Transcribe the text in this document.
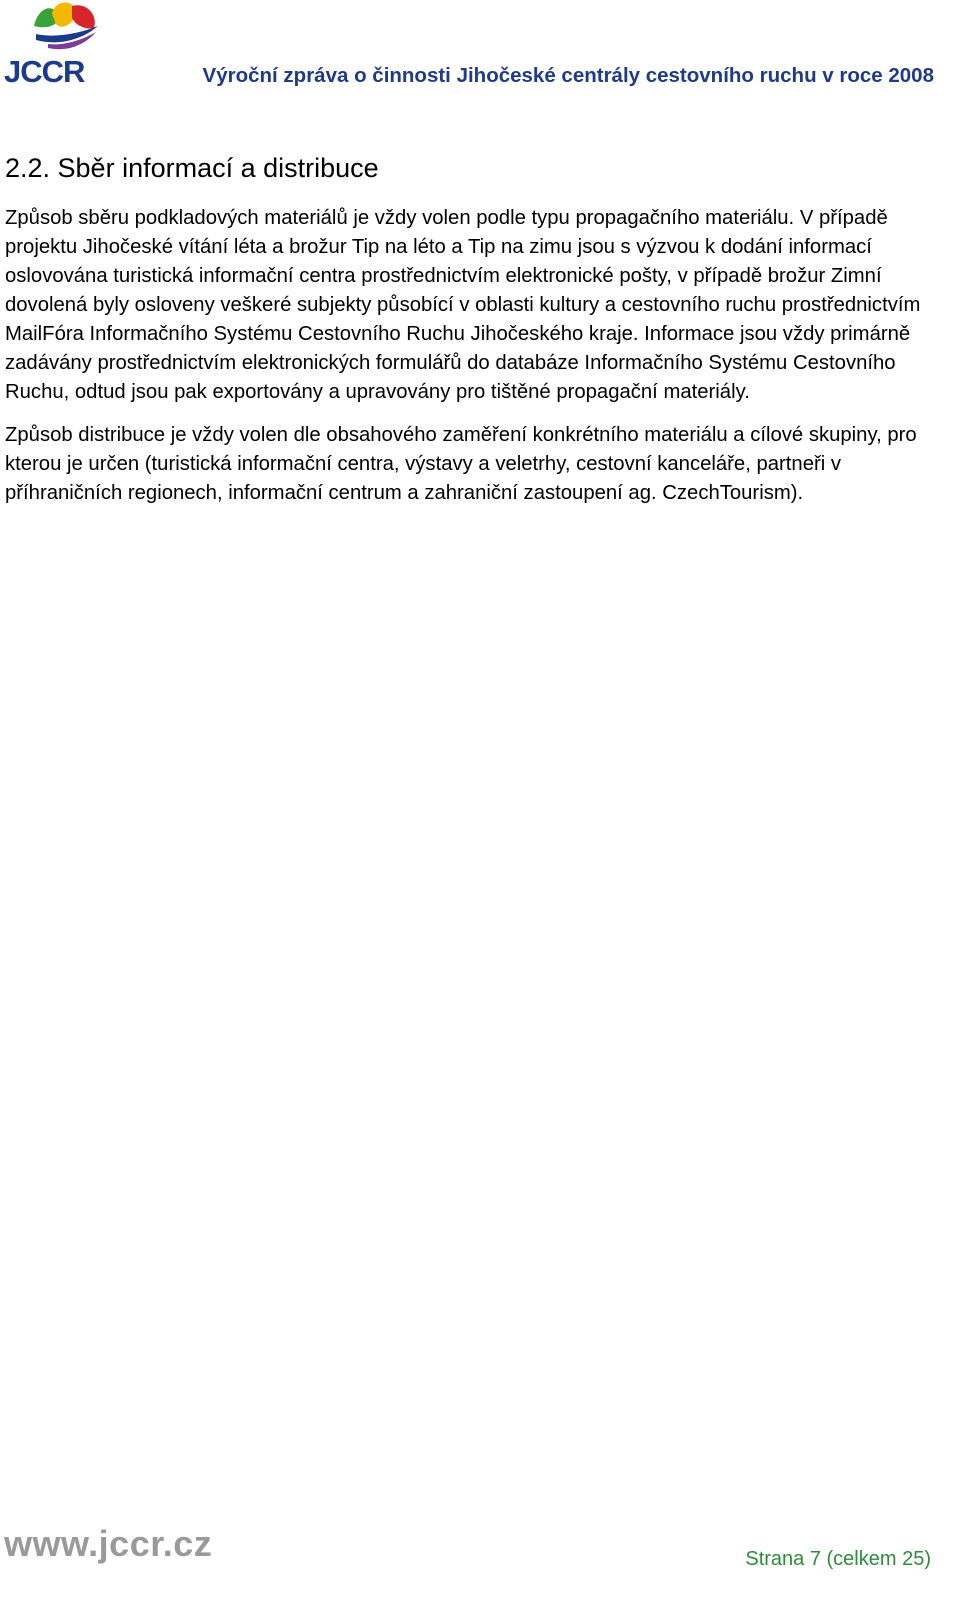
JCCR	Výroční zpráva o činnosti Jihočeské centrály cestovního ruchu v roce 2008
2.2. Sběr informací a distribuce

Způsob sběru podkladových materiálů je vždy volen podle typu propagačního materiálu. V případě projektu Jihočeské vítání léta a brožur Tip na léto a Tip na zimu jsou s výzvou k dodání informací oslovována turistická informační centra prostřednictvím elektronické pošty, v případě brožur Zimní dovolená byly osloveny veškeré subjekty působící v oblasti kultury a cestovního ruchu prostřednictvím MailFóra Informačního Systému Cestovního Ruchu Jihočeského kraje. Informace jsou vždy primárně zadávány prostřednictvím elektronických formulářů do databáze Informačního Systému Cestovního Ruchu, odtud jsou pak exportovány a upravovány pro tištěné propagační materiály.

Způsob distribuce je vždy volen dle obsahového zaměření konkrétního materiálu a cílové skupiny, pro kterou je určen (turistická informační centra, výstavy a veletrhy, cestovní kanceláře, partneři v příhraničních regionech, informační centrum a zahraniční zastoupení ag. CzechTourism).

www.jccr.cz	Strana 7 (celkem 25)
